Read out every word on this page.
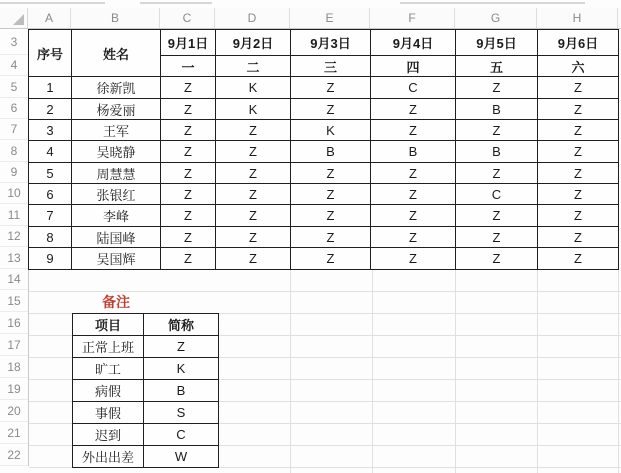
A	B	C	D	E	F	G	H
3
4
5
6
7
8
9
10
11
12
13
14
15
16
17
18
19
20
21
22
序号	姓名	9月1日	9月2日	9月3日	9月4日	9月5日	9月6日
		一	二	三	四	五	六
1	徐新凯	Z	K	Z	C	Z	Z
2	杨爱丽	Z	K	Z	Z	B	Z
3	王军	Z	Z	K	Z	Z	Z
4	吴晓静	Z	Z	B	B	B	Z
5	周慧慧	Z	Z	Z	Z	Z	Z
6	张银红	Z	Z	Z	Z	C	Z
7	李峰	Z	Z	Z	Z	Z	Z
8	陆国峰	Z	Z	Z	Z	Z	Z
9	吴国辉	Z	Z	Z	Z	Z	Z
备注
项目	简称
正常上班	Z
旷工	K
病假	B
事假	S
迟到	C
外出出差	W
